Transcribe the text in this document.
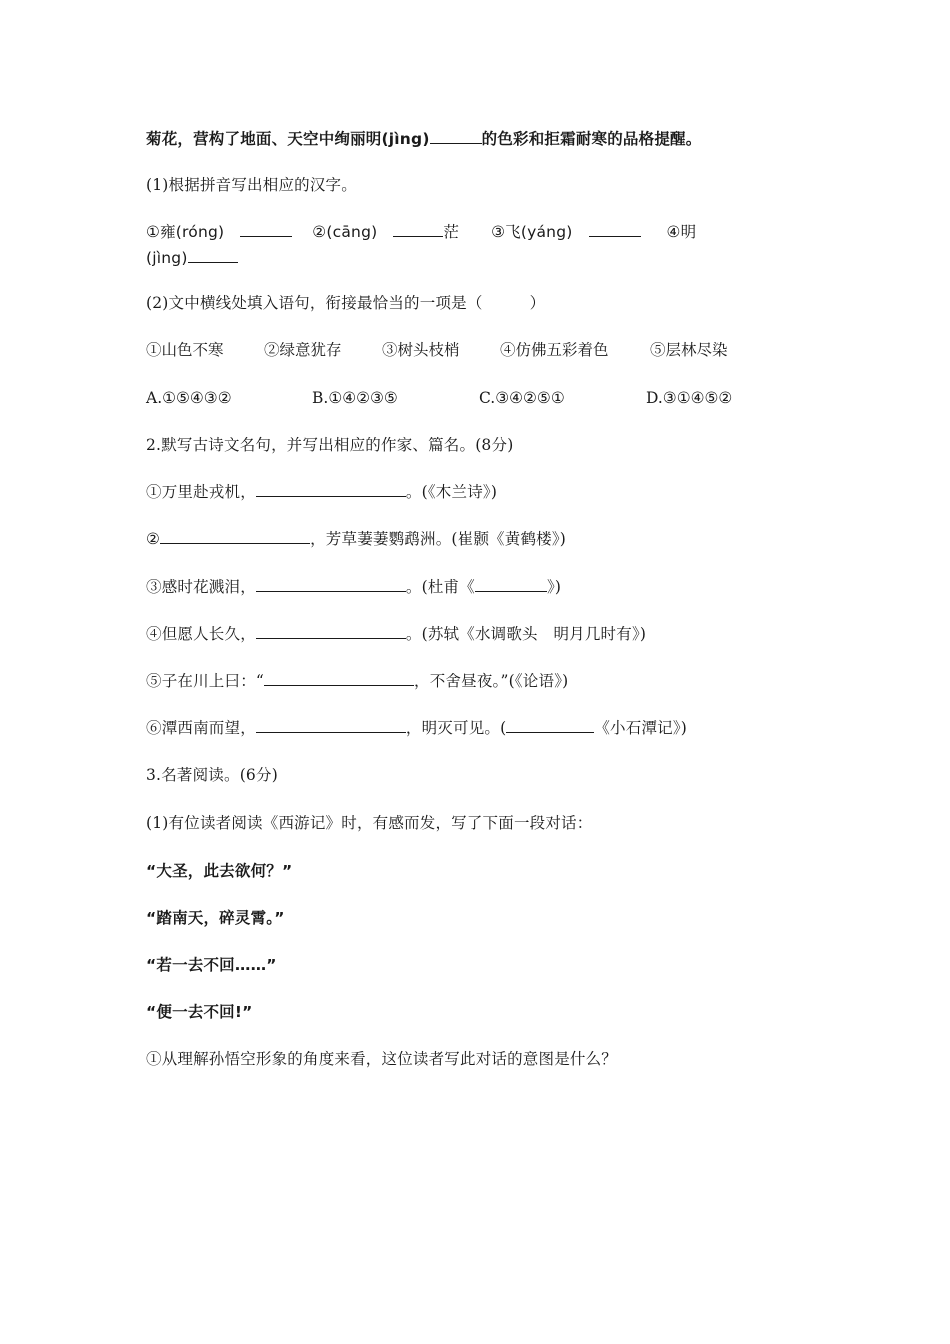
菊花，营构了地面、天空中绚丽明(jìng)	的色彩和拒霜耐寒的品格提醒。
(1)根据拼音写出相应的汉字。
①雍(róng)	②(cāng)	茫 ③飞(yáng)	④明
(jìng)
(2)文中横线处填入语句，衔接最恰当的一项是（　　　）
①山色不寒	②绿意犹存	③树头枝梢	④仿佛五彩着色	⑤层林尽染
A.①⑤④③②	B.①④②③⑤	C.③④②⑤①	D.③①④⑤②
2.默写古诗文名句，并写出相应的作家、篇名。(8分)
①万里赴戎机，	。(《木兰诗》)
②	，芳草萋萋鹦鹉洲。(崔颢《黄鹤楼》)
③感时花溅泪，	。(杜甫《	》)
④但愿人长久，	。(苏轼《水调歌头　明月几时有》)
⑤子在川上曰：“	，不舍昼夜。”(《论语》)
⑥潭西南而望，	，明灭可见。(	《小石潭记》)
3.名著阅读。(6分)
(1)有位读者阅读《西游记》时，有感而发，写了下面一段对话：
“大圣，此去欲何？”
“踏南天，碎灵霄。”
“若一去不回……”
“便一去不回!”
①从理解孙悟空形象的角度来看，这位读者写此对话的意图是什么？
